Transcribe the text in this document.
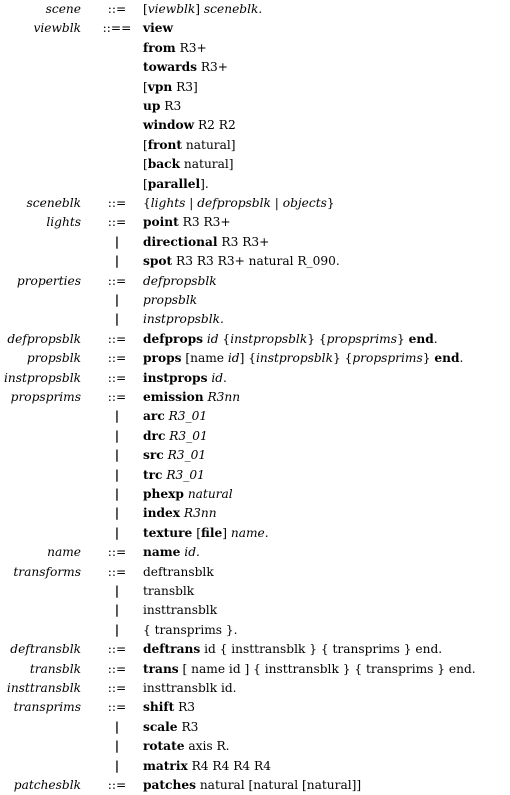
scene	::=	[viewblk] sceneblk.
viewblk	::== view
from R3+
towards R3+
[vpn R3]
up R3
window R2 R2
[front natural]
[back natural]
[parallel].
sceneblk	::=	{lights | defpropsblk | objects}
lights	::=	point R3 R3+
|	directional R3 R3+
|	spot R3 R3 R3+ natural R_090.
properties	::=	defpropsblk
|	propsblk
|	instpropsblk.
defpropsblk	::=	defprops id {instpropsblk} {propsprims} end.
propsblk	::=	props [name id] {instpropsblk} {propsprims} end.
instpropsblk	::=	instprops id.
propsprims	::=	emission R3nn
|	arc R3_01
|	drc R3_01
|	src R3_01
|	trc R3_01
|	phexp natural
|	index R3nn
|	texture [file] name.
name	::=	name id.
transforms	::=	deftransblk
|	transblk
|	insttransblk
|	{ transprims }.
deftransblk	::=	deftrans id { insttransblk } { transprims } end.
transblk	::=	trans [ name id ] { insttransblk } { transprims } end.
insttransblk	::=	insttransblk id.
transprims	::=	shift R3
|	scale R3
|	rotate axis R.
|	matrix R4 R4 R4 R4
patchesblk	::=	patches natural [natural [natural]]
